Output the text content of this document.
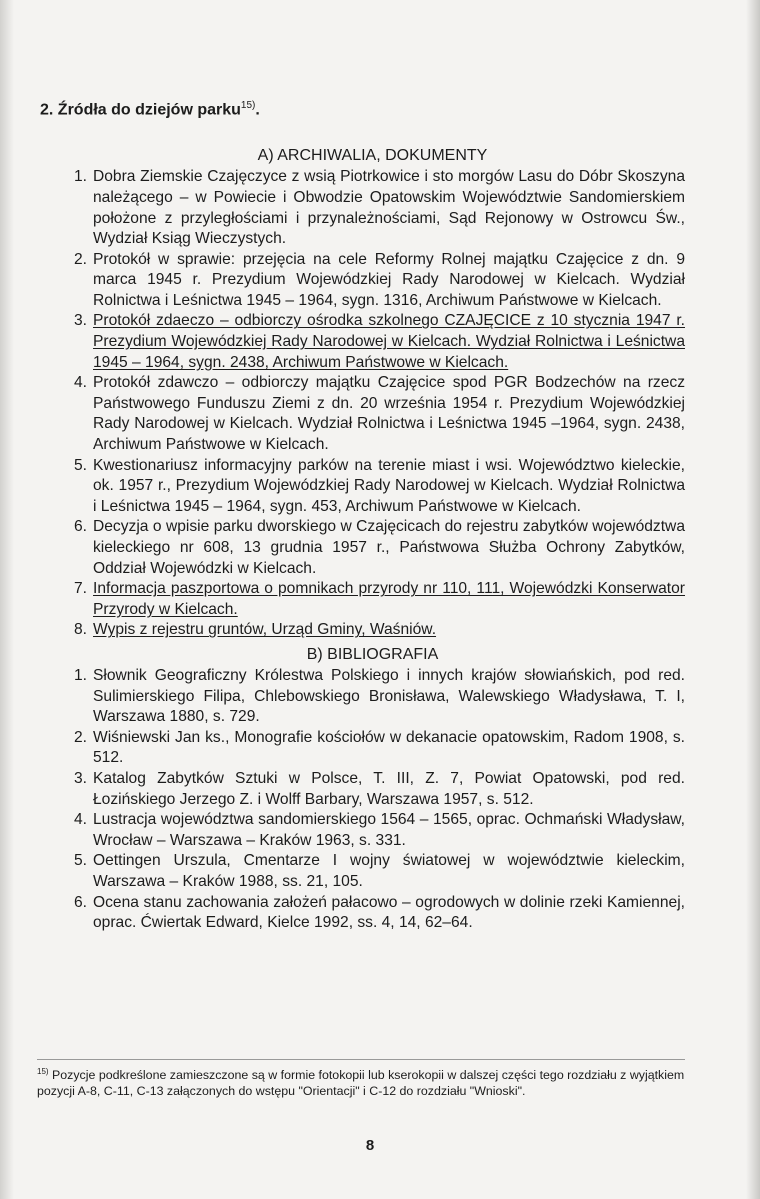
2. Źródła do dziejów parku$^{15)}$.
A) ARCHIWALIA, DOKUMENTY
1. Dobra Ziemskie Czajęczyce z wsią Piotrkowice i sto morgów Lasu do Dóbr Skoszyna należącego – w Powiecie i Obwodzie Opatowskim Województwie Sandomierskiem położone z przyległościami i przynależnościami, Sąd Rejonowy w Ostrowcu Św., Wydział Ksiąg Wieczystych.
2. Protokół w sprawie: przejęcia na cele Reformy Rolnej majątku Czajęcice z dn. 9 marca 1945 r. Prezydium Wojewódzkiej Rady Narodowej w Kielcach. Wydział Rolnictwa i Leśnictwa 1945 – 1964, sygn. 1316, Archiwum Państwowe w Kielcach.
3. Protokół zdaeczo – odbiorczy ośrodka szkolnego CZAJĘCICE z 10 stycznia 1947 r. Prezydium Wojewódzkiej Rady Narodowej w Kielcach. Wydział Rolnictwa i Leśnictwa 1945 – 1964, sygn. 2438, Archiwum Państwowe w Kielcach.
4. Protokół zdawczo – odbiorczy majątku Czajęcice spod PGR Bodzechów na rzecz Państwowego Funduszu Ziemi z dn. 20 września 1954 r. Prezydium Wojewódzkiej Rady Narodowej w Kielcach. Wydział Rolnictwa i Leśnictwa 1945 –1964, sygn. 2438, Archiwum Państwowe w Kielcach.
5. Kwestionariusz informacyjny parków na terenie miast i wsi. Województwo kieleckie, ok. 1957 r., Prezydium Wojewódzkiej Rady Narodowej w Kielcach. Wydział Rolnictwa i Leśnictwa 1945 – 1964, sygn. 453, Archiwum Państwowe w Kielcach.
6. Decyzja o wpisie parku dworskiego w Czajęcicach do rejestru zabytków województwa kieleckiego nr 608, 13 grudnia 1957 r., Państwowa Służba Ochrony Zabytków, Oddział Wojewódzki w Kielcach.
7. Informacja paszportowa o pomnikach przyrody nr 110, 111, Wojewódzki Konserwator Przyrody w Kielcach.
8. Wypis z rejestru gruntów, Urząd Gminy, Waśniów.
B) BIBLIOGRAFIA
1. Słownik Geograficzny Królestwa Polskiego i innych krajów słowiańskich, pod red. Sulimierskiego Filipa, Chlebowskiego Bronisława, Walewskiego Władysława, T. I, Warszawa 1880, s. 729.
2. Wiśniewski Jan ks., Monografie kościołów w dekanacie opatowskim, Radom 1908, s. 512.
3. Katalog Zabytków Sztuki w Polsce, T. III, Z. 7, Powiat Opatowski, pod red. Łozińskiego Jerzego Z. i Wolff Barbary, Warszawa 1957, s. 512.
4. Lustracja województwa sandomierskiego 1564 – 1565, oprac. Ochmański Władysław, Wrocław – Warszawa – Kraków 1963, s. 331.
5. Oettingen Urszula, Cmentarze I wojny światowej w województwie kieleckim, Warszawa – Kraków 1988, ss. 21, 105.
6. Ocena stanu zachowania założeń pałacowo – ogrodowych w dolinie rzeki Kamiennej, oprac. Ćwiertak Edward, Kielce 1992, ss. 4, 14, 62–64.
$^{15)}$ Pozycje podkreślone zamieszczone są w formie fotokopii lub kserokopii w dalszej części tego rozdziału z wyjątkiem pozycji A-8, C-11, C-13 załączonych do wstępu "Orientacji" i C-12 do rozdziału "Wnioski".
8
